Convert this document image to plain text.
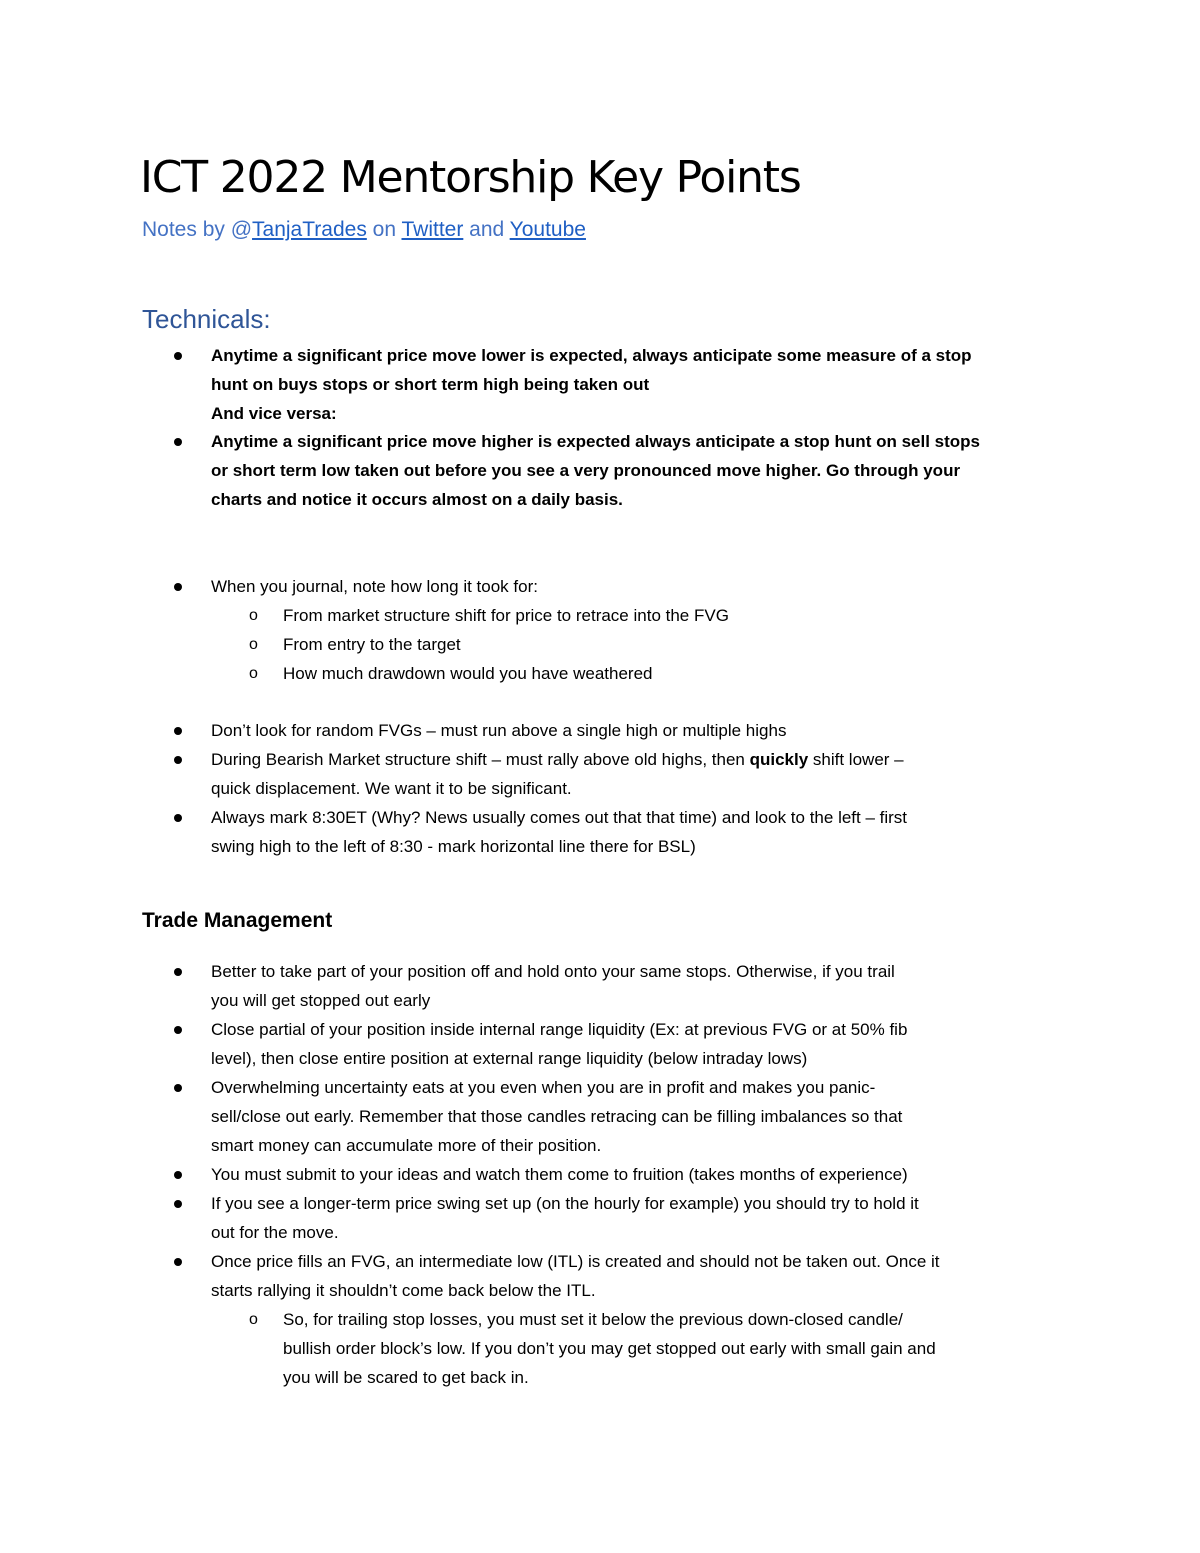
ICT 2022 Mentorship Key Points

Notes by @TanjaTrades on Twitter and Youtube

Technicals:
Anytime a significant price move lower is expected, always anticipate some measure of a stop
hunt on buys stops or short term high being taken out
And vice versa:
Anytime a significant price move higher is expected always anticipate a stop hunt on sell stops
or short term low taken out before you see a very pronounced move higher. Go through your
charts and notice it occurs almost on a daily basis.
When you journal, note how long it took for:
o From market structure shift for price to retrace into the FVG
o From entry to the target
o How much drawdown would you have weathered
Don’t look for random FVGs – must run above a single high or multiple highs
During Bearish Market structure shift – must rally above old highs, then quickly shift lower –
quick displacement. We want it to be significant.
Always mark 8:30ET (Why? News usually comes out that that time) and look to the left – first
swing high to the left of 8:30 - mark horizontal line there for BSL)
Trade Management
Better to take part of your position off and hold onto your same stops. Otherwise, if you trail
you will get stopped out early
Close partial of your position inside internal range liquidity (Ex: at previous FVG or at 50% fib
level), then close entire position at external range liquidity (below intraday lows)
Overwhelming uncertainty eats at you even when you are in profit and makes you panic-
sell/close out early. Remember that those candles retracing can be filling imbalances so that
smart money can accumulate more of their position.
You must submit to your ideas and watch them come to fruition (takes months of experience)
If you see a longer-term price swing set up (on the hourly for example) you should try to hold it
out for the move.
Once price fills an FVG, an intermediate low (ITL) is created and should not be taken out. Once it
starts rallying it shouldn’t come back below the ITL.
o So, for trailing stop losses, you must set it below the previous down-closed candle/
bullish order block’s low. If you don’t you may get stopped out early with small gain and
you will be scared to get back in.
